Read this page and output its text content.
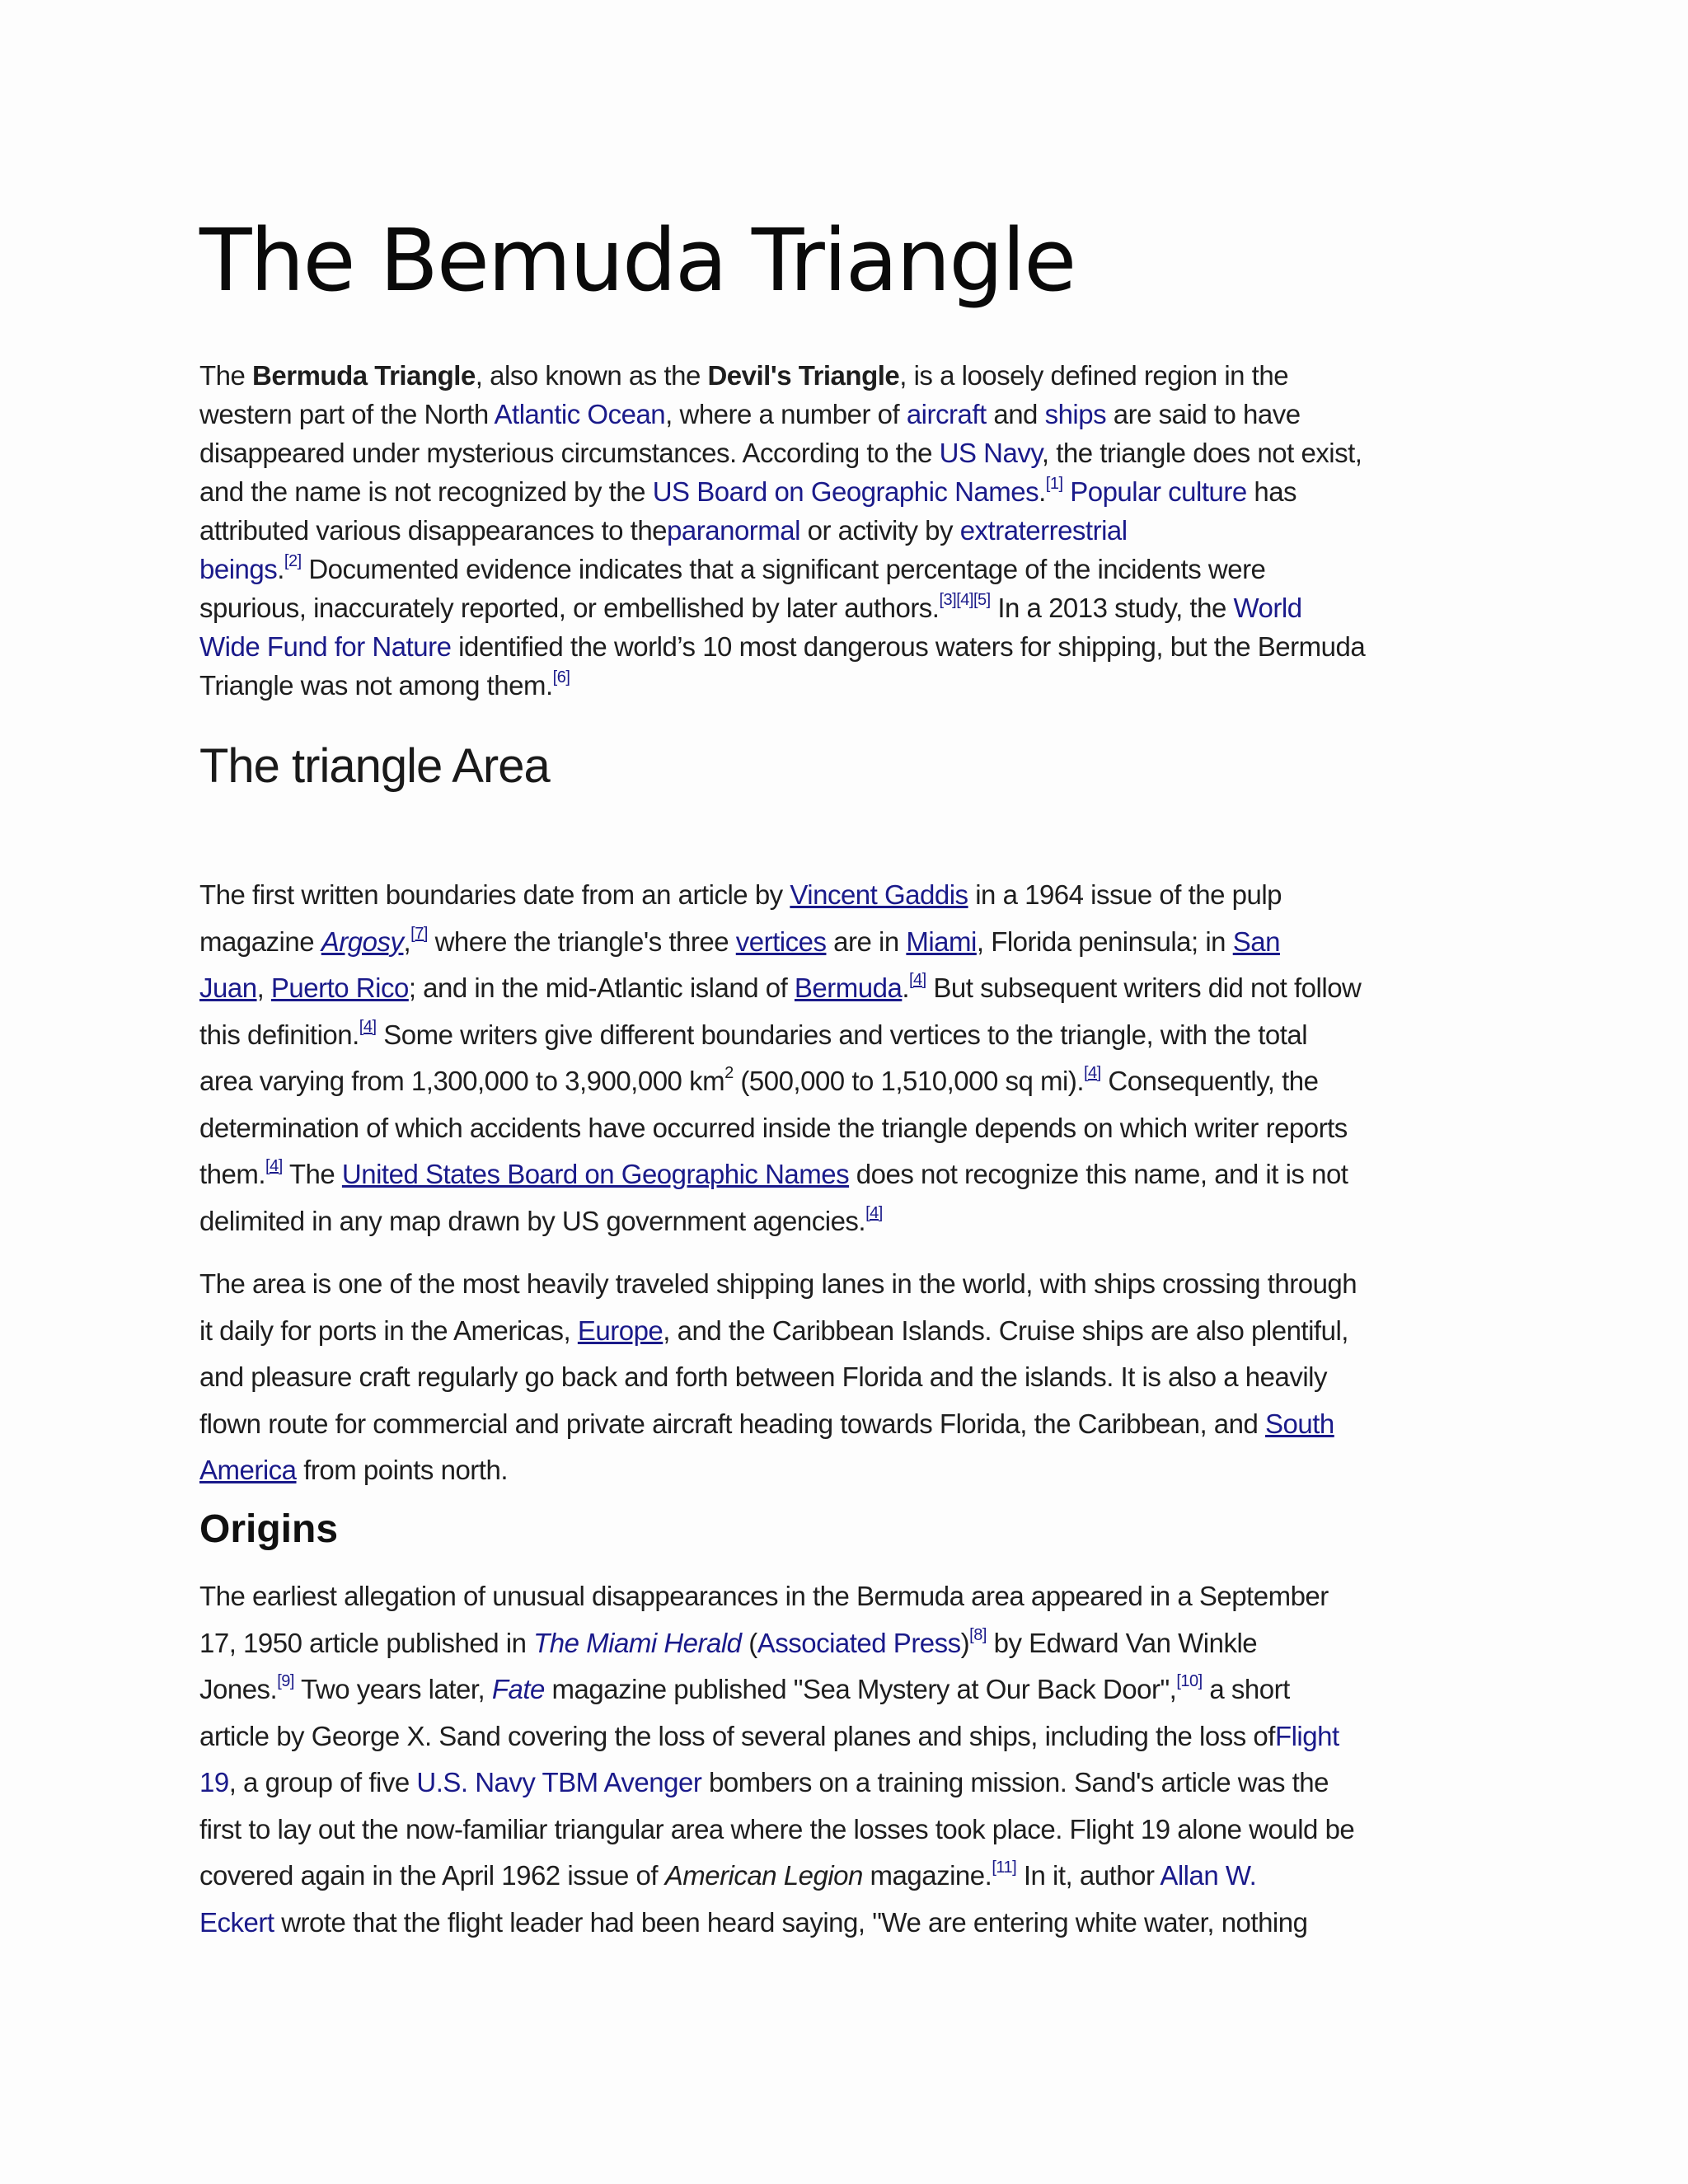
The Bemuda Triangle

The Bermuda Triangle, also known as the Devil's Triangle, is a loosely defined region in the
western part of the North Atlantic Ocean, where a number of aircraft and ships are said to have
disappeared under mysterious circumstances. According to the US Navy, the triangle does not exist,
and the name is not recognized by the US Board on Geographic Names.[1] Popular culture has
attributed various disappearances to theparanormal or activity by extraterrestrial
beings.[2] Documented evidence indicates that a significant percentage of the incidents were
spurious, inaccurately reported, or embellished by later authors.[3][4][5] In a 2013 study, the World
Wide Fund for Nature identified the world’s 10 most dangerous waters for shipping, but the Bermuda
Triangle was not among them.[6]

The triangle Area

The first written boundaries date from an article by Vincent Gaddis in a 1964 issue of the pulp
magazine Argosy,[7] where the triangle's three vertices are in Miami, Florida peninsula; in San
Juan, Puerto Rico; and in the mid-Atlantic island of Bermuda.[4] But subsequent writers did not follow
this definition.[4] Some writers give different boundaries and vertices to the triangle, with the total
area varying from 1,300,000 to 3,900,000 $km^2$ (500,000 to 1,510,000 sq mi).[4] Consequently, the
determination of which accidents have occurred inside the triangle depends on which writer reports
them.[4] The United States Board on Geographic Names does not recognize this name, and it is not
delimited in any map drawn by US government agencies.[4]

The area is one of the most heavily traveled shipping lanes in the world, with ships crossing through
it daily for ports in the Americas, Europe, and the Caribbean Islands. Cruise ships are also plentiful,
and pleasure craft regularly go back and forth between Florida and the islands. It is also a heavily
flown route for commercial and private aircraft heading towards Florida, the Caribbean, and South
America from points north.

Origins

The earliest allegation of unusual disappearances in the Bermuda area appeared in a September
17, 1950 article published in The Miami Herald (Associated Press)[8] by Edward Van Winkle
Jones.[9] Two years later, Fate magazine published "Sea Mystery at Our Back Door",[10] a short
article by George X. Sand covering the loss of several planes and ships, including the loss ofFlight
19, a group of five U.S. Navy TBM Avenger bombers on a training mission. Sand's article was the
first to lay out the now-familiar triangular area where the losses took place. Flight 19 alone would be
covered again in the April 1962 issue of American Legion magazine.[11] In it, author Allan W.
Eckert wrote that the flight leader had been heard saying, "We are entering white water, nothing
